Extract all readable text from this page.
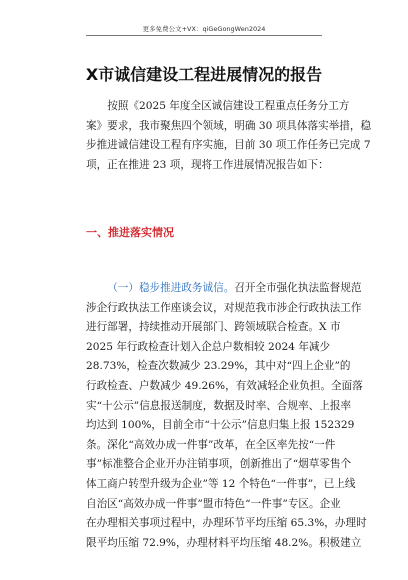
更多免费公文+VX：qiGeGongWen2024
X市诚信建设工程进展情况的报告
按照《2025 年度全区诚信建设工程重点任务分工方
案》要求，我市聚焦四个领域，明确 30 项具体落实举措，稳
步推进诚信建设工程有序实施，目前 30 项工作任务已完成 7
项，正在推进 23 项，现将工作进展情况报告如下：
一、推进落实情况
（一）稳步推进政务诚信。召开全市强化执法监督规范
涉企行政执法工作座谈会议，对规范我市涉企行政执法工作
进行部署，持续推动开展部门、跨领域联合检查。X 市
2025 年行政检查计划入企总户数相较 2024 年减少
28.73%，检查次数减少 23.29%，其中对“四上企业”的
行政检查、户数减少 49.26%，有效减轻企业负担。全面落
实“十公示”信息报送制度，数据及时率、合规率、上报率
均达到 100%，目前全市“十公示”信息归集上报 152329
条。深化“高效办成一件事”改革，在全区率先按“一件
事”标准整合企业开办注销事项，创新推出了“烟草零售个
体工商户转型升级为企业”等 12 个特色“一件事”，已上线
自治区“高效办成一件事”盟市特色“一件事”专区。企业
在办理相关事项过程中，办理环节平均压缩 65.3%，办理时
限平均压缩 72.9%，办理材料平均压缩 48.2%。积极建立
